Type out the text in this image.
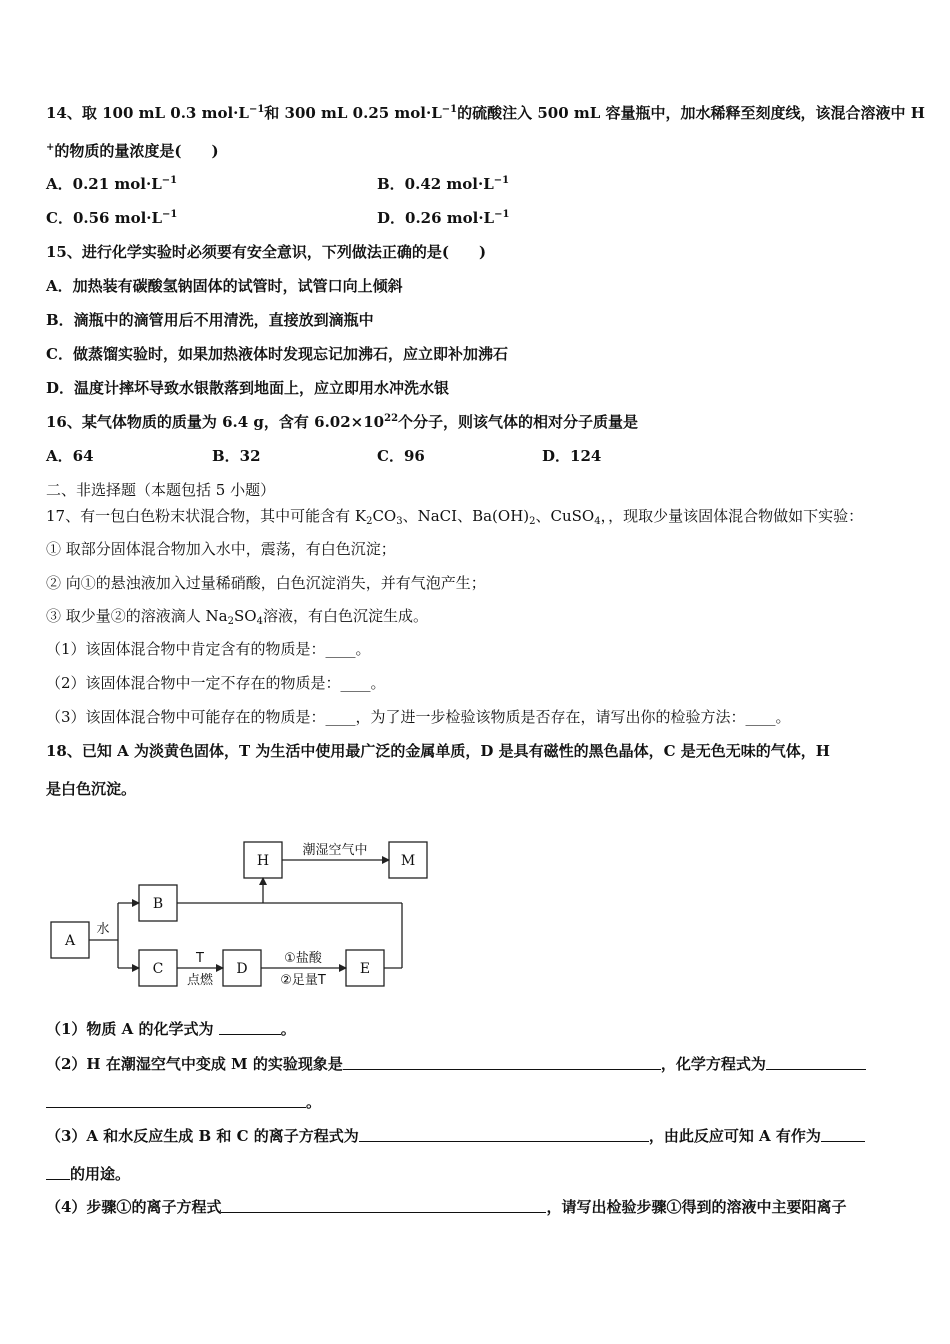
14、取 100 mL 0.3 $mol\cdot L^{-1}$和 300 mL 0.25 $mol\cdot L^{-1}$的硫酸注入 500 mL 容量瓶中，加水稀释至刻度线，该混合溶液中 H
+的物质的量浓度是(　　)
A．0.21 $mol\cdot L^{-1}$	B．0.42 $mol\cdot L^{-1}$
C．0.56 $mol\cdot L^{-1}$	D．0.26 $mol\cdot L^{-1}$
15、进行化学实验时必须要有安全意识，下列做法正确的是(　　)
A．加热装有碳酸氢钠固体的试管时，试管口向上倾斜
B．滴瓶中的滴管用后不用清洗，直接放到滴瓶中
C．做蒸馏实验时，如果加热液体时发现忘记加沸石，应立即补加沸石
D．温度计摔坏导致水银散落到地面上，应立即用水冲洗水银
16、某气体物质的质量为 6.4 g，含有 $6.02\times 10^{22}$个分子，则该气体的相对分子质量是
A．64	B．32	C．96	D．124
二、非选择题（本题包括 5 小题）
17、有一包白色粉末状混合物，其中可能含有 $K_2CO_3$、NaCI、$Ba(OH)_2$、CuSO$_4$，，现取少量该固体混合物做如下实验：
① 取部分固体混合物加入水中，震荡，有白色沉淀；
② 向①的悬浊液加入过量稀硝酸，白色沉淀消失，并有气泡产生；
③ 取少量②的溶液滴人 $Na_2SO_4$溶液，有白色沉淀生成。
（1）该固体混合物中肯定含有的物质是：____。
（2）该固体混合物中一定不存在的物质是：____。
（3）该固体混合物中可能存在的物质是：____，为了进一步检验该物质是否存在，请写出你的检验方法：____。
18、已知 A 为淡黄色固体，T 为生活中使用最广泛的金属单质，D 是具有磁性的黑色晶体，C 是无色无味的气体，H
是白色沉淀。
A
B
C	D	E
H	M
水
T
点燃
①盐酸
②足量T
潮湿空气中
（1）物质 A 的化学式为	。
（2）H 在潮湿空气中变成 M 的实验现象是	，化学方程式为
。
（3）A 和水反应生成 B 和 C 的离子方程式为	，由此反应可知 A 有作为
的用途。
（4）步骤①的离子方程式	，请写出检验步骤①得到的溶液中主要阳离子
